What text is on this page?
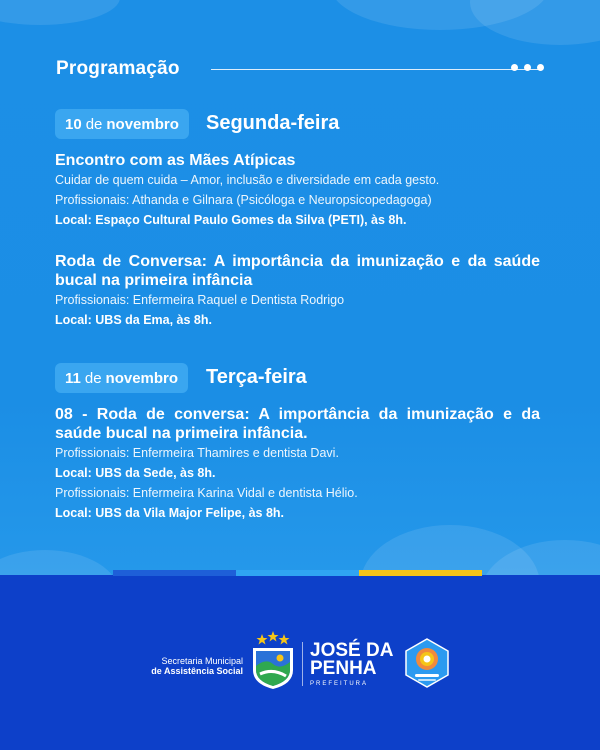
Programação
10 de novembro Segunda-feira
Encontro com as Mães Atípicas

Cuidar de quem cuida – Amor, inclusão e diversidade em cada gesto.

Profissionais: Athanda e Gilnara (Psicóloga e Neuropsicopedagoga)

Local: Espaço Cultural Paulo Gomes da Silva (PETI), às 8h.

Roda de Conversa: A importância da imunização e da saúde bucal na primeira infância

Profissionais: Enfermeira Raquel e Dentista Rodrigo

Local: UBS da Ema, às 8h.

11 de novembro Terça-feira
08 - Roda de conversa: A importância da imunização e da saúde bucal na primeira infância.

Profissionais: Enfermeira Thamires e dentista Davi.

Local: UBS da Sede, às 8h.

Profissionais: Enfermeira Karina Vidal e dentista Hélio.

Local: UBS da Vila Major Felipe, às 8h.

Secretaria Municipal
de Assistência Social
JOSÉ DA
PENHA
PREFEITURA
